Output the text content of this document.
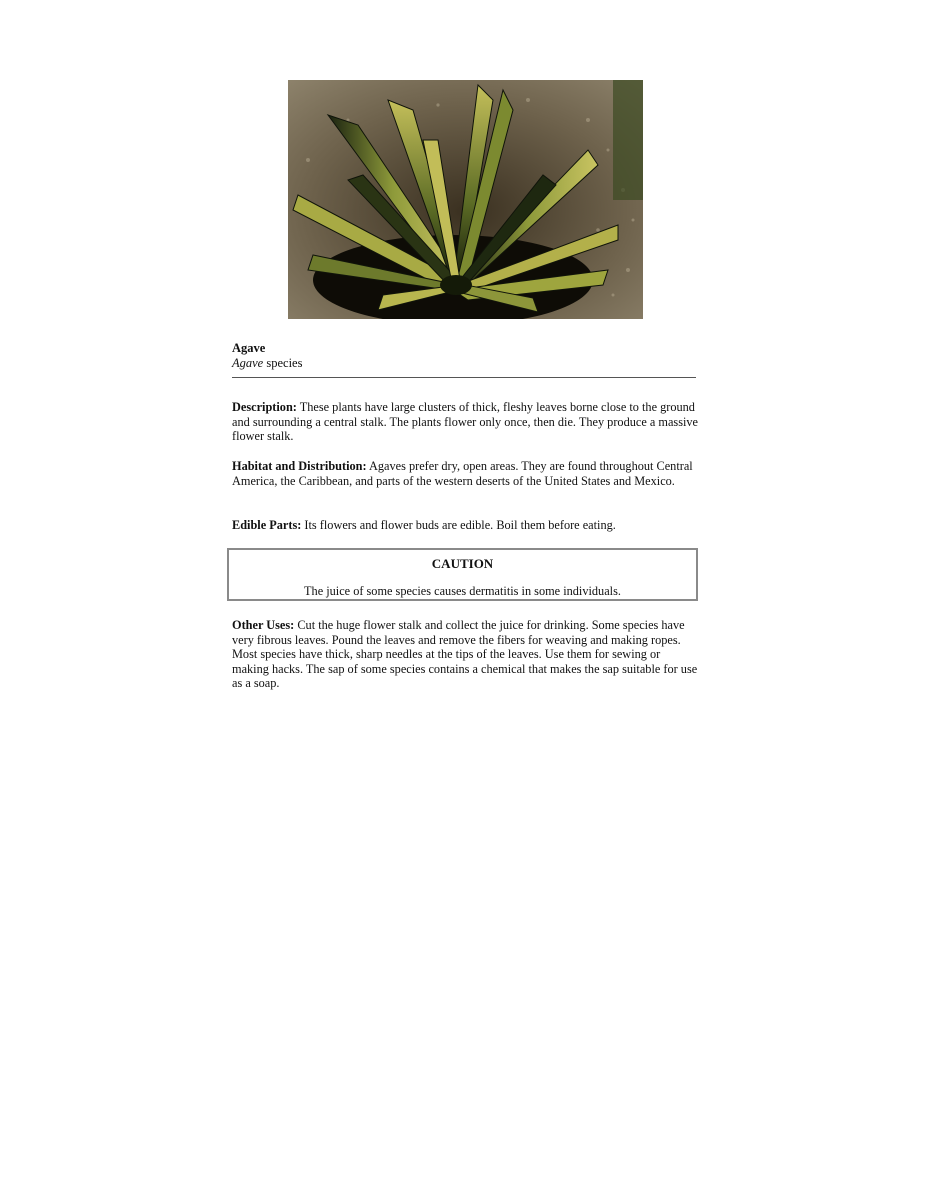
Agave
Agave species

Description: These plants have large clusters of thick, fleshy leaves borne close to the ground and surrounding a central stalk. The plants flower only once, then die. They produce a massive flower stalk.

Habitat and Distribution: Agaves prefer dry, open areas. They are found throughout Central America, the Caribbean, and parts of the western deserts of the United States and Mexico.

Edible Parts: Its flowers and flower buds are edible. Boil them before eating.

CAUTION
The juice of some species causes dermatitis in some individuals.

Other Uses: Cut the huge flower stalk and collect the juice for drinking. Some species have very fibrous leaves. Pound the leaves and remove the fibers for weaving and making ropes. Most species have thick, sharp needles at the tips of the leaves. Use them for sewing or making hacks. The sap of some species contains a chemical that makes the sap suitable for use as a soap.
